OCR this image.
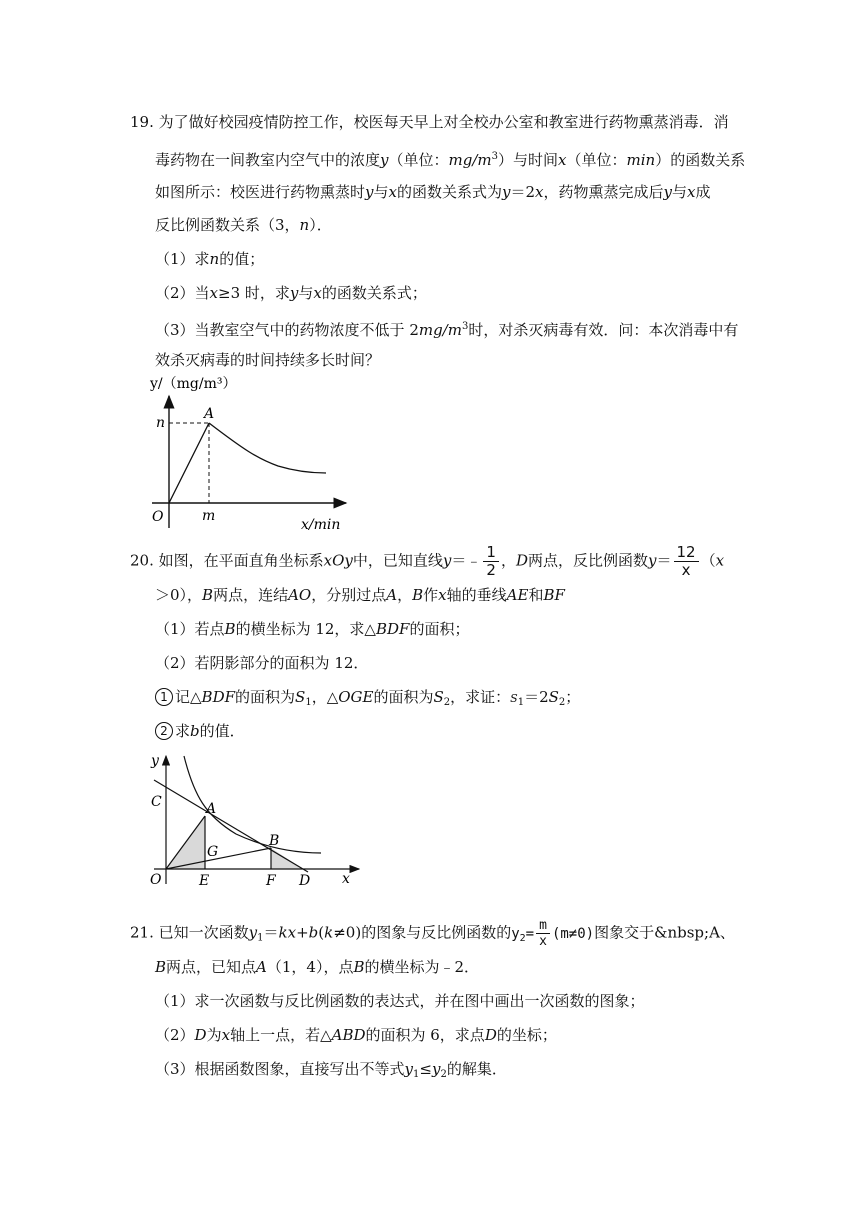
19. 为了做好校园疫情防控工作，校医每天早上对全校办公室和教室进行药物熏蒸消毒．消
毒药物在一间教室内空气中的浓度y（单位：$mg/m^3$）与时间x（单位：min）的函数关系
如图所示：校医进行药物熏蒸时y与x的函数关系式为y＝2x，药物熏蒸完成后y与x成
反比例函数关系（3，n）．
（1）求n的值；
（2）当x≥3 时，求y与x的函数关系式；
（3）当教室空气中的药物浓度不低于 $2mg/m^3$时，对杀灭病毒有效．问：本次消毒中有
效杀灭病毒的时间持续多长时间？
y/（mg/m³）
A
n
O	m
x/min
20. 如图，在平面直角坐标系xOy中，已知直线y＝﹣ $\frac{1}{2}$ ，D两点，反比例函数$y= \frac{12}{x} (x$
＞0），B两点，连结AO，分别过点A，B作x轴的垂线AE和BF
（1）若点B的横坐标为 12，求△BDF的面积；
（2）若阴影部分的面积为 12．
1 记△BDF的面积为$S_1$，△OGE的面积为$S_2$，求证：$S_1=2S_2$；
2 求b的值．
y
x
C	A
G
B
O	E	F D
21. 已知一次函数$y_1=kx+b(k\ne 0)$的图象与反比例函数的$y_2= \frac{m}{x} (m\ne 0)$图象交于&nbsp;A、
B两点，已知点A（1，4），点B的横坐标为﹣2．
（1）求一次函数与反比例函数的表达式，并在图中画出一次函数的图象；
（2）D为x轴上一点，若△ABD的面积为 6，求点D的坐标；
（3）根据函数图象，直接写出不等式$y_1\le y_2$的解集．
